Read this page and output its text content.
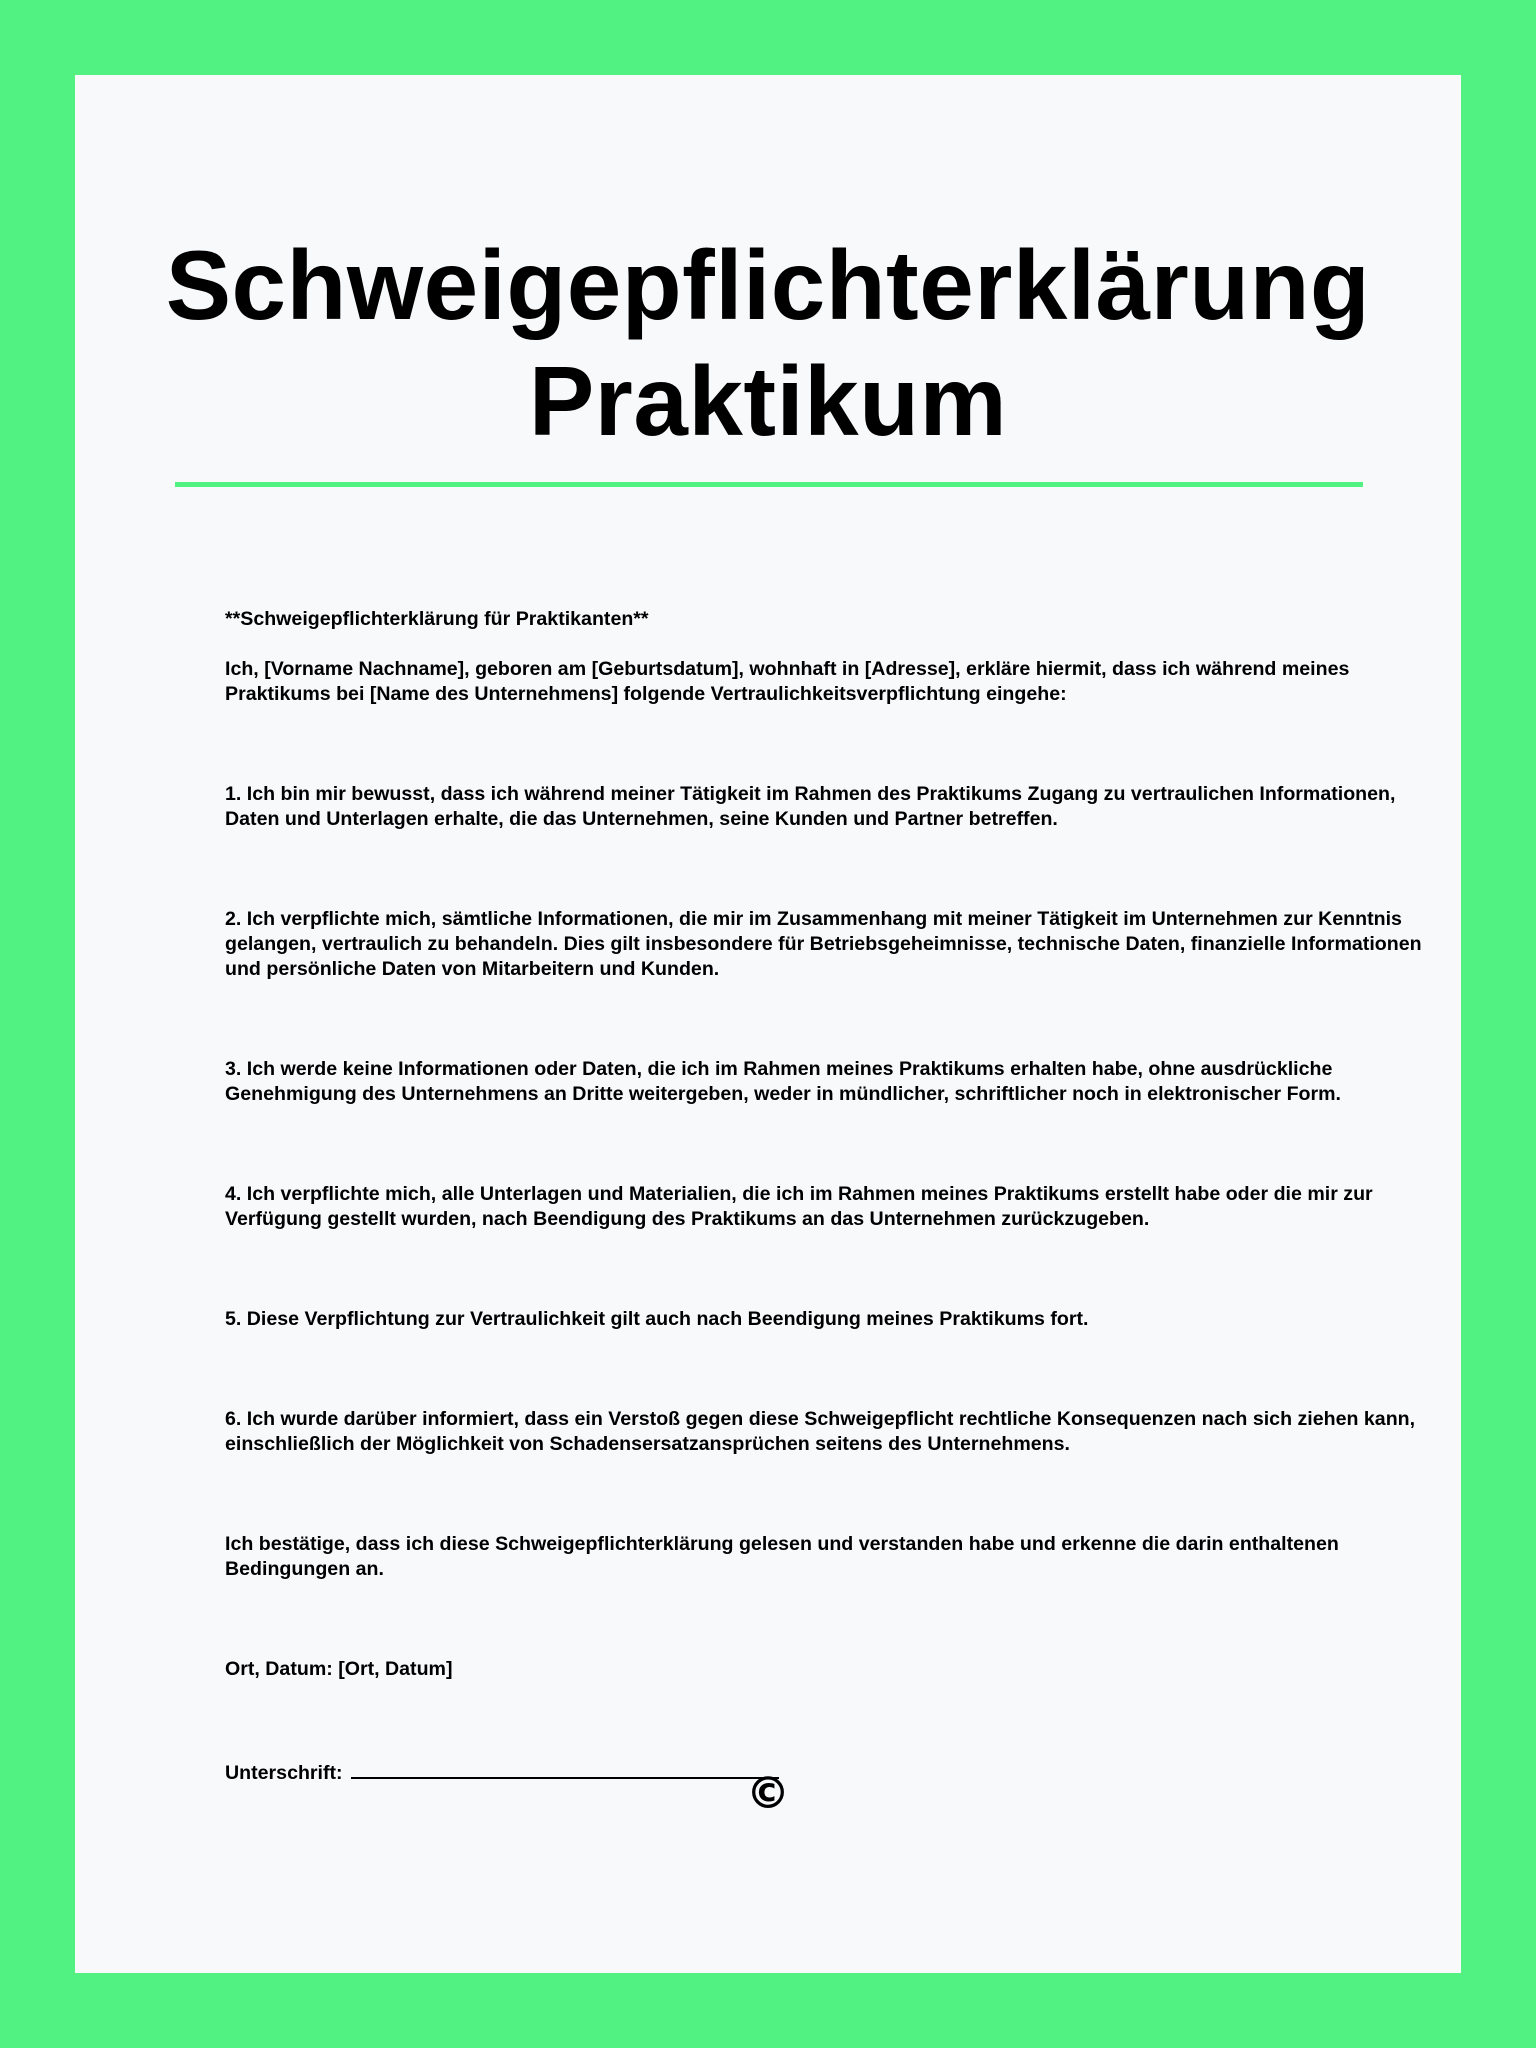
Schweigepflichterklärung
Praktikum

**Schweigepflichterklärung für Praktikanten**

Ich, [Vorname Nachname], geboren am [Geburtsdatum], wohnhaft in [Adresse], erkläre hiermit, dass ich während meines Praktikums bei [Name des Unternehmens] folgende Vertraulichkeitsverpflichtung eingehe:

1. Ich bin mir bewusst, dass ich während meiner Tätigkeit im Rahmen des Praktikums Zugang zu vertraulichen Informationen, Daten und Unterlagen erhalte, die das Unternehmen, seine Kunden und Partner betreffen.

2. Ich verpflichte mich, sämtliche Informationen, die mir im Zusammenhang mit meiner Tätigkeit im Unternehmen zur Kenntnis gelangen, vertraulich zu behandeln. Dies gilt insbesondere für Betriebsgeheimnisse, technische Daten, finanzielle Informationen und persönliche Daten von Mitarbeitern und Kunden.

3. Ich werde keine Informationen oder Daten, die ich im Rahmen meines Praktikums erhalten habe, ohne ausdrückliche Genehmigung des Unternehmens an Dritte weitergeben, weder in mündlicher, schriftlicher noch in elektronischer Form.

4. Ich verpflichte mich, alle Unterlagen und Materialien, die ich im Rahmen meines Praktikums erstellt habe oder die mir zur Verfügung gestellt wurden, nach Beendigung des Praktikums an das Unternehmen zurückzugeben.

5. Diese Verpflichtung zur Vertraulichkeit gilt auch nach Beendigung meines Praktikums fort.

6. Ich wurde darüber informiert, dass ein Verstoß gegen diese Schweigepflicht rechtliche Konsequenzen nach sich ziehen kann, einschließlich der Möglichkeit von Schadensersatzansprüchen seitens des Unternehmens.

Ich bestätige, dass ich diese Schweigepflichterklärung gelesen und verstanden habe und erkenne die darin enthaltenen Bedingungen an.

Ort, Datum: [Ort, Datum]

Unterschrift:	©
